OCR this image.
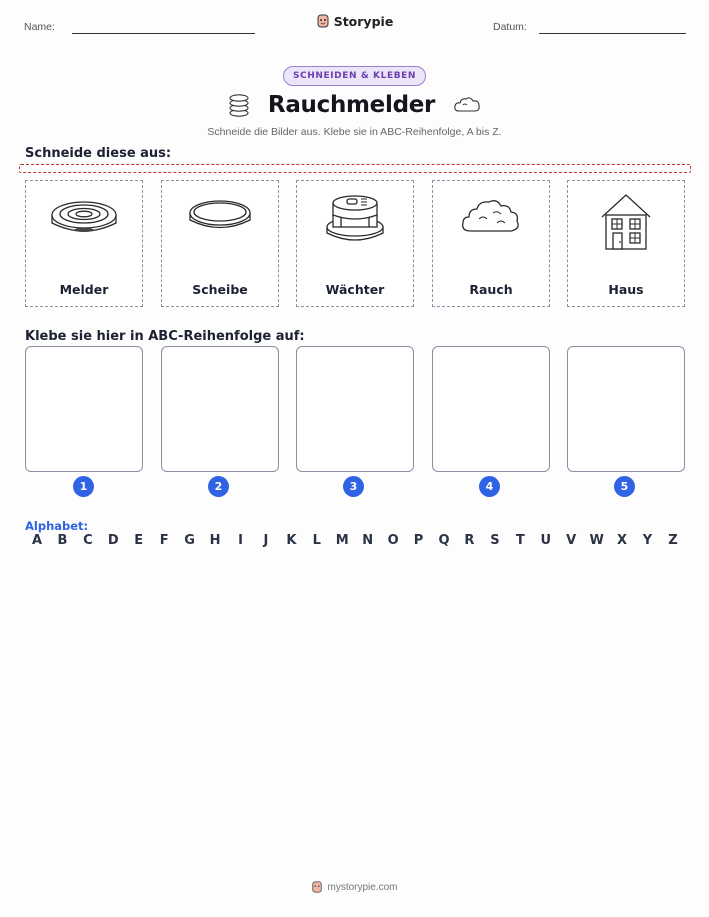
Name:	Storypie	Datum:
SCHNEIDEN & KLEBEN
Rauchmelder
Schneide die Bilder aus. Klebe sie in ABC-Reihenfolge, A bis Z.
Schneide diese aus:
Melder	Scheibe	Wächter	Rauch	Haus
Klebe sie hier in ABC-Reihenfolge auf:
1	2	3	4	5
Alphabet:
A	B	C	D	E	F	G	H	I	J	K	L	M	N	O	P	Q	R	S	T	U	V	W	X	Y	Z
mystorypie.com
